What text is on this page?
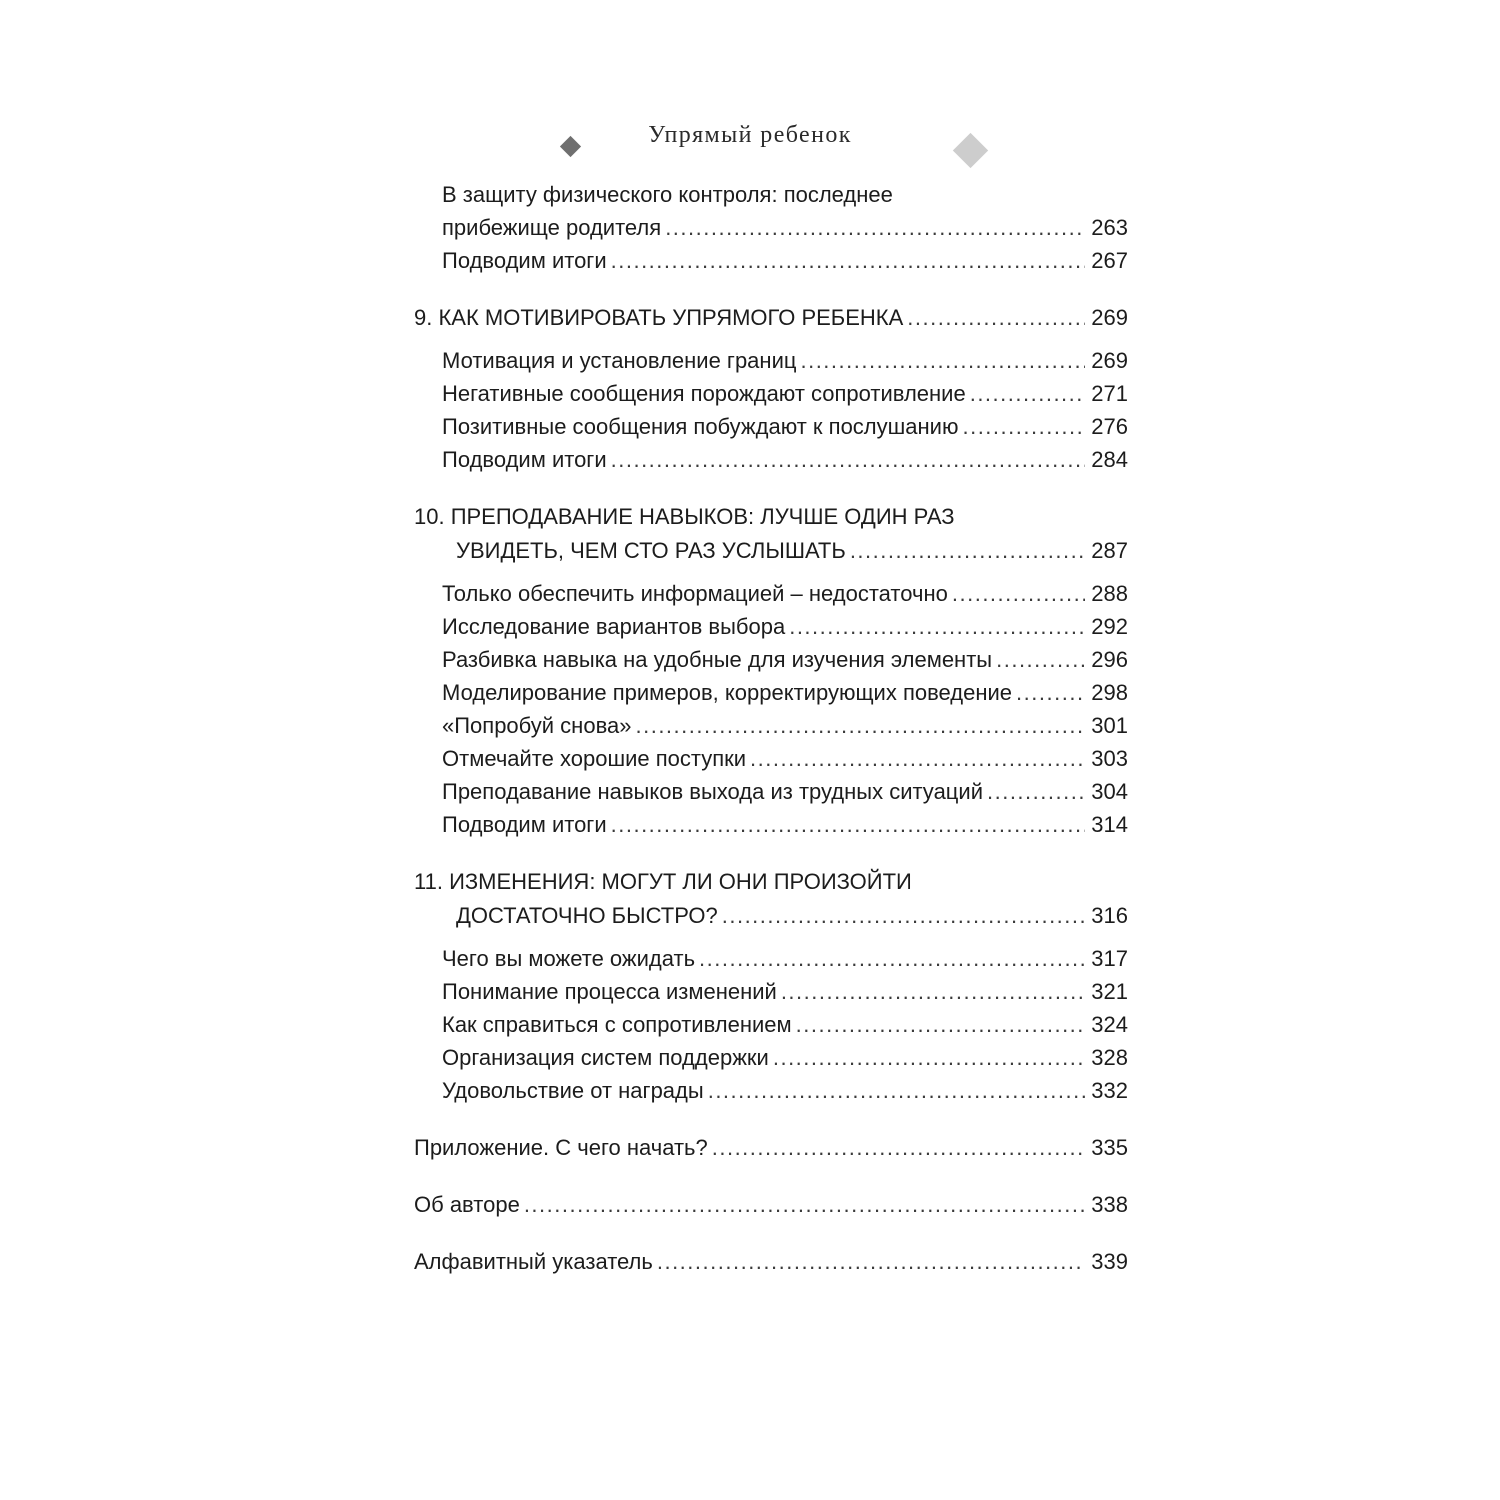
Упрямый ребенок
В защиту физического контроля: последнее
прибежище родителя .....	263
Подводим итоги .....	267
9. КАК МОТИВИРОВАТЬ УПРЯМОГО РЕБЕНКА .....	269
Мотивация и установление границ .....	269
Негативные сообщения порождают сопротивление .....	271
Позитивные сообщения побуждают к послушанию .....	276
Подводим итоги .....	284
10. ПРЕПОДАВАНИЕ НАВЫКОВ: ЛУЧШЕ ОДИН РАЗ
УВИДЕТЬ, ЧЕМ СТО РАЗ УСЛЫШАТЬ .....	287
Только обеспечить информацией – недостаточно .....	288
Исследование вариантов выбора .....	292
Разбивка навыка на удобные для изучения элементы .....	296
Моделирование примеров, корректирующих поведение .....	298
«Попробуй снова» .....	301
Отмечайте хорошие поступки .....	303
Преподавание навыков выхода из трудных ситуаций .....	304
Подводим итоги .....	314
11. ИЗМЕНЕНИЯ: МОГУТ ЛИ ОНИ ПРОИЗОЙТИ
ДОСТАТОЧНО БЫСТРО? .....	316
Чего вы можете ожидать .....	317
Понимание процесса изменений .....	321
Как справиться с сопротивлением .....	324
Организация систем поддержки .....	328
Удовольствие от награды .....	332
Приложение. С чего начать? .....	335
Об авторе .....	338
Алфавитный указатель .....	339
